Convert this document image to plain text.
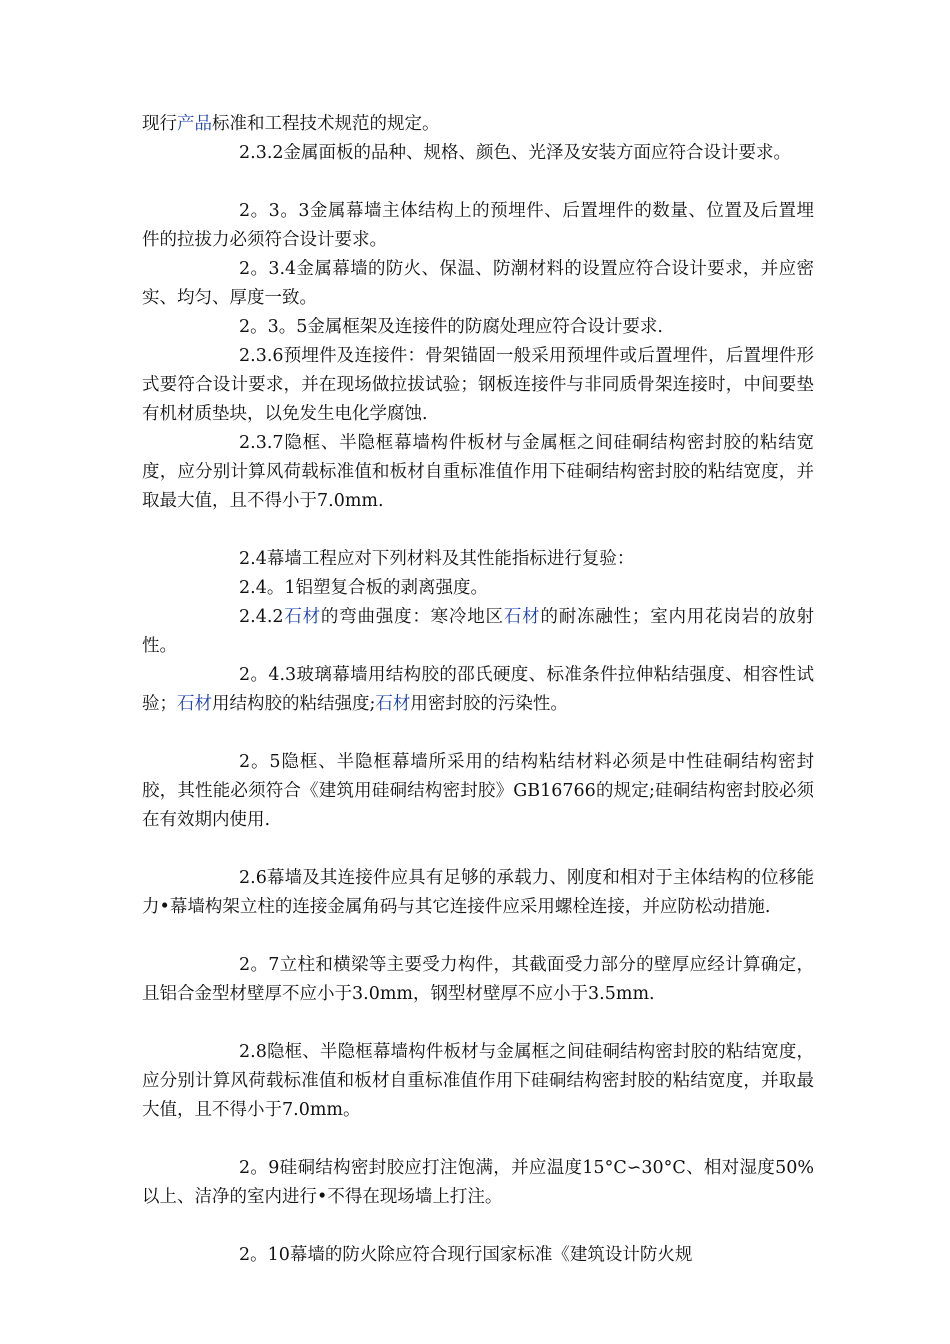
现行产品标准和工程技术规范的规定。

2.3.2金属面板的品种、规格、颜色、光泽及安装方面应符合设计要求。

2。3。3金属幕墙主体结构上的预埋件、后置埋件的数量、位置及后置埋件的拉拔力必须符合设计要求。

2。3.4金属幕墙的防火、保温、防潮材料的设置应符合设计要求，并应密实、均匀、厚度一致。

2。3。5金属框架及连接件的防腐处理应符合设计要求.

2.3.6预埋件及连接件：骨架锚固一般采用预埋件或后置埋件，后置埋件形式要符合设计要求，并在现场做拉拔试验；钢板连接件与非同质骨架连接时，中间要垫有机材质垫块，以免发生电化学腐蚀.

2.3.7隐框、半隐框幕墙构件板材与金属框之间硅硐结构密封胶的粘结宽度，应分别计算风荷载标准值和板材自重标准值作用下硅硐结构密封胶的粘结宽度，并取最大值，且不得小于7.0mm.

2.4幕墙工程应对下列材料及其性能指标进行复验：

2.4。1铝塑复合板的剥离强度。

2.4.2石材的弯曲强度：寒冷地区石材的耐冻融性；室内用花岗岩的放射性。

2。4.3玻璃幕墙用结构胶的邵氏硬度、标准条件拉伸粘结强度、相容性试验；石材用结构胶的粘结强度;石材用密封胶的污染性。

2。5隐框、半隐框幕墙所采用的结构粘结材料必须是中性硅硐结构密封胶，其性能必须符合《建筑用硅硐结构密封胶》GB16766的规定;硅硐结构密封胶必须在有效期内使用.

2.6幕墙及其连接件应具有足够的承载力、刚度和相对于主体结构的位移能力•幕墙构架立柱的连接金属角码与其它连接件应采用螺栓连接，并应防松动措施.

2。7立柱和横梁等主要受力构件，其截面受力部分的壁厚应经计算确定，且铝合金型材壁厚不应小于3.0mm，钢型材壁厚不应小于3.5mm.

2.8隐框、半隐框幕墙构件板材与金属框之间硅硐结构密封胶的粘结宽度，应分别计算风荷载标准值和板材自重标准值作用下硅硐结构密封胶的粘结宽度，并取最大值，且不得小于7.0mm。

2。9硅硐结构密封胶应打注饱满，并应温度15°C∽30°C、相对湿度50%以上、洁净的室内进行•不得在现场墙上打注。

2。10幕墙的防火除应符合现行国家标准《建筑设计防火规
